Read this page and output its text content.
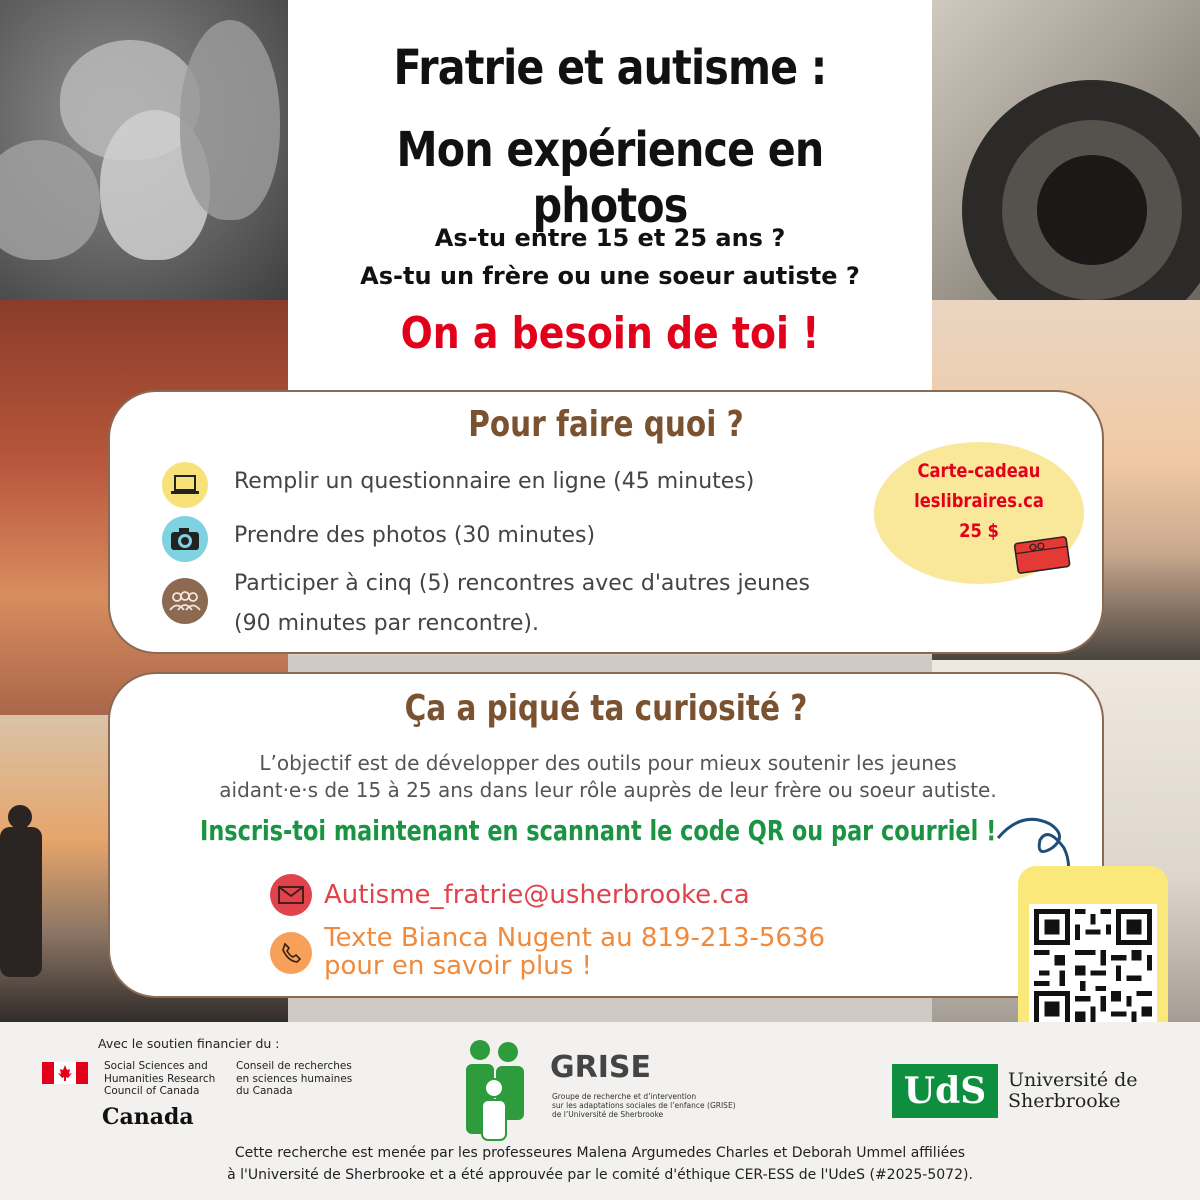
Fratrie et autisme :
Mon expérience en photos
As-tu entre 15 et 25 ans ?
As-tu un frère ou une soeur autiste ?
On a besoin de toi !
Pour faire quoi ?
Remplir un questionnaire en ligne (45 minutes)
Prendre des photos (30 minutes)
Participer à cinq (5) rencontres avec d'autres jeunes
(90 minutes par rencontre).
Carte-cadeau
leslibraires.ca
25 $
Ça a piqué ta curiosité ?
L’objectif est de développer des outils pour mieux soutenir les jeunes
aidant·e·s de 15 à 25 ans dans leur rôle auprès de leur frère ou soeur autiste.
Inscris-toi maintenant en scannant le code QR ou par courriel !
Autisme_fratrie@usherbrooke.ca
Texte Bianca Nugent au 819-213-5636
pour en savoir plus !
Avec le soutien financier du :
Social Sciences and
Humanities Research
Council of Canada
Conseil de recherches
en sciences humaines
du Canada
Canada
GRISE
Groupe de recherche et d’intervention
sur les adaptations sociales de l’enfance (GRISE)
de l’Université de Sherbrooke
UdS	Université de
Sherbrooke
Cette recherche est menée par les professeures Malena Argumedes Charles et Deborah Ummel affiliées
à l'Université de Sherbrooke et a été approuvée par le comité d'éthique CER-ESS de l'UdeS (#2025-5072).
